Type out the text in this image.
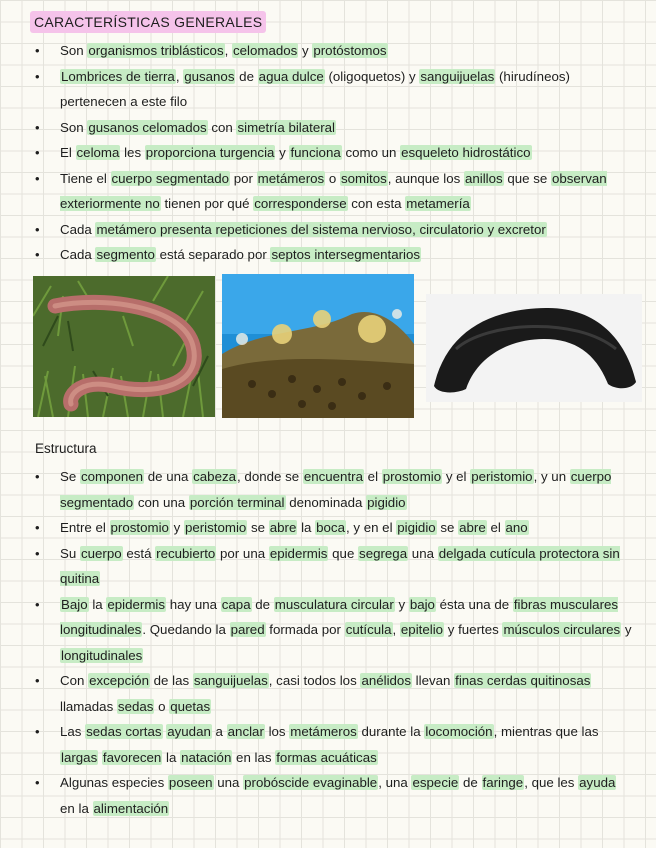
CARACTERÍSTICAS GENERALES
• Son organismos triblásticos, celomados y protóstomos
• Lombrices de tierra, gusanos de agua dulce (oligoquetos) y sanguijuelas (hirudíneos) pertenecen a este filo
• Son gusanos celomados con simetría bilateral
• El celoma les proporciona turgencia y funciona como un esqueleto hidrostático
• Tiene el cuerpo segmentado por metámeros o somitos, aunque los anillos que se observan exteriormente no tienen por qué corresponderse con esta metamería
• Cada metámero presenta repeticiones del sistema nervioso, circulatorio y excretor
• Cada segmento está separado por septos intersegmentarios
Estructura
• Se componen de una cabeza, donde se encuentra el prostomio y el peristomio, y un cuerpo segmentado con una porción terminal denominada pigidio
• Entre el prostomio y peristomio se abre la boca, y en el pigidio se abre el ano
• Su cuerpo está recubierto por una epidermis que segrega una delgada cutícula protectora sin quitina
• Bajo la epidermis hay una capa de musculatura circular y bajo ésta una de fibras musculares longitudinales. Quedando la pared formada por cutícula, epitelio y fuertes músculos circulares y longitudinales
• Con excepción de las sanguijuelas, casi todos los anélidos llevan finas cerdas quitinosas llamadas sedas o quetas
• Las sedas cortas ayudan a anclar los metámeros durante la locomoción, mientras que las largas favorecen la natación en las formas acuáticas
• Algunas especies poseen una probóscide evaginable, una especie de faringe, que les ayuda en la alimentación
